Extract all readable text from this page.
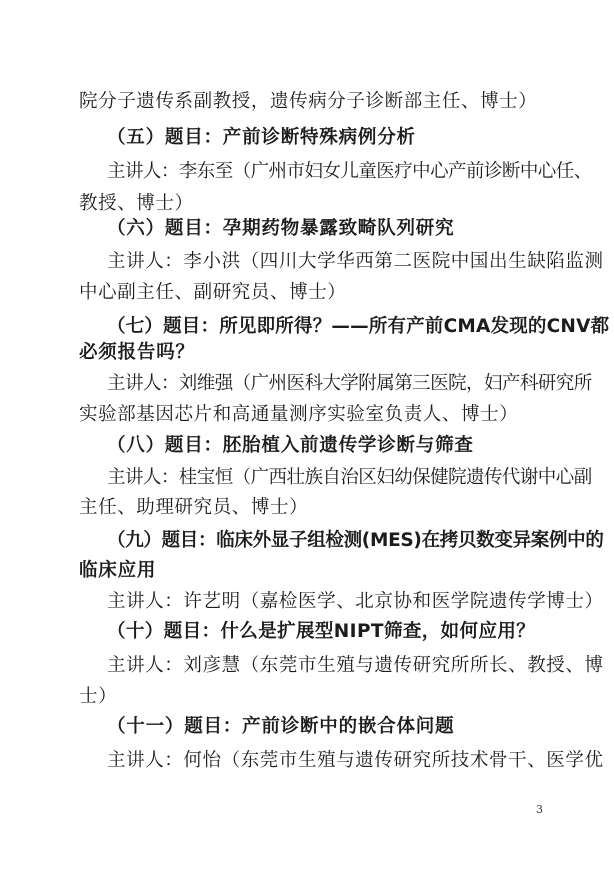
院分子遗传系副教授，遗传病分子诊断部主任、博士）
（五）题目：产前诊断特殊病例分析
主讲人：李东至（广州市妇女儿童医疗中心产前诊断中心任、
教授、博士）
（六）题目：孕期药物暴露致畸队列研究
主讲人：李小洪（四川大学华西第二医院中国出生缺陷监测
中心副主任、副研究员、博士）
（七）题目：所见即所得？——所有产前CMA发现的CNV都
必须报告吗？
主讲人：刘维强（广州医科大学附属第三医院，妇产科研究所
实验部基因芯片和高通量测序实验室负责人、博士）
（八）题目：胚胎植入前遗传学诊断与筛查
主讲人：桂宝恒（广西壮族自治区妇幼保健院遗传代谢中心副
主任、助理研究员、博士）
（九）题目：临床外显子组检测(MES)在拷贝数变异案例中的
临床应用
主讲人：许艺明（嘉检医学、北京协和医学院遗传学博士）
（十）题目：什么是扩展型NIPT筛查，如何应用？
主讲人：刘彦慧（东莞市生殖与遗传研究所所长、教授、博
士）
（十一）题目：产前诊断中的嵌合体问题
主讲人：何怡（东莞市生殖与遗传研究所技术骨干、医学优
3
